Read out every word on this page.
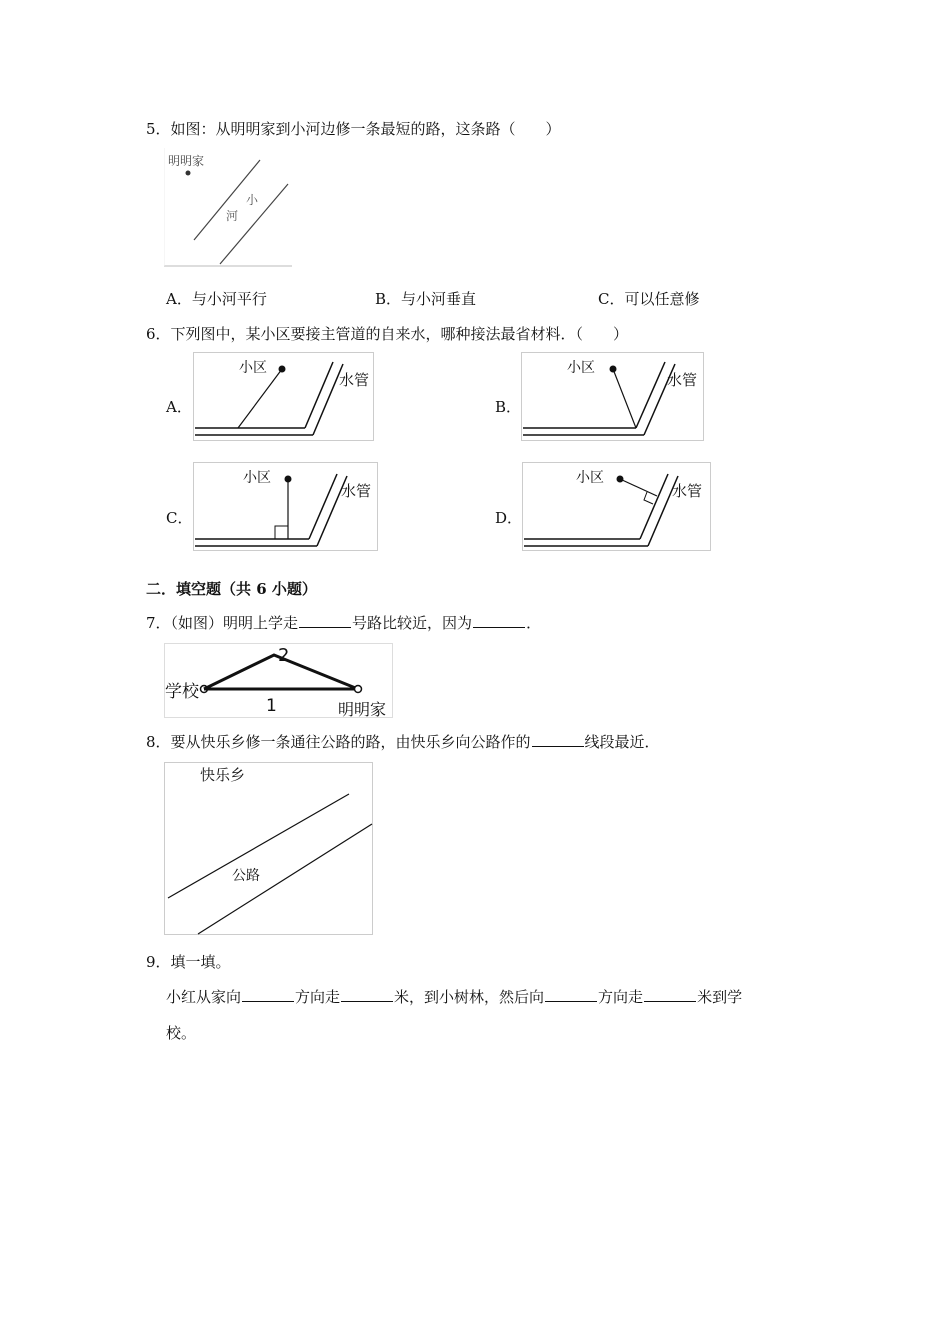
5．如图：从明明家到小河边修一条最短的路，这条路（　　）
明明家
小
河
A．与小河平行	B．与小河垂直	C．可以任意修
6．下列图中，某小区要接主管道的自来水，哪种接法最省材料．（　　）
A．
小区
水管
B．
小区
水管
C．
小区
水管
D．
小区
水管
二．填空题（共 6 小题）
7．（如图）明明上学走	号路比较近，因为	．
学校
2
1	明明家
8．要从快乐乡修一条通往公路的路，由快乐乡向公路作的	线段最近．
快乐乡
公路
9．填一填。
小红从家向	方向走	米，到小树林，然后向	方向走	米到学
校。
